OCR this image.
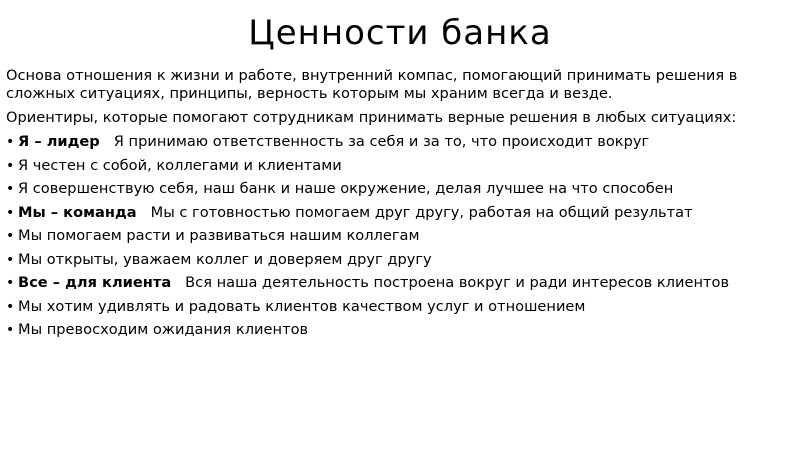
Ценности банка

Основа отношения к жизни и работе, внутренний компас, помогающий принимать решения в сложных ситуациях, принципы, верность которым мы храним всегда и везде.

Ориентиры, которые помогают сотрудникам принимать верные решения в любых ситуациях:

• Я – лидер Я принимаю ответственность за себя и за то, что происходит вокруг
• Я честен с собой, коллегами и клиентами
• Я совершенствую себя, наш банк и наше окружение, делая лучшее на что способен
• Мы – команда Мы с готовностью помогаем друг другу, работая на общий результат
• Мы помогаем расти и развиваться нашим коллегам
• Мы открыты, уважаем коллег и доверяем друг другу
• Все – для клиента Вся наша деятельность построена вокруг и ради интересов клиентов
• Мы хотим удивлять и радовать клиентов качеством услуг и отношением
• Мы превосходим ожидания клиентов
